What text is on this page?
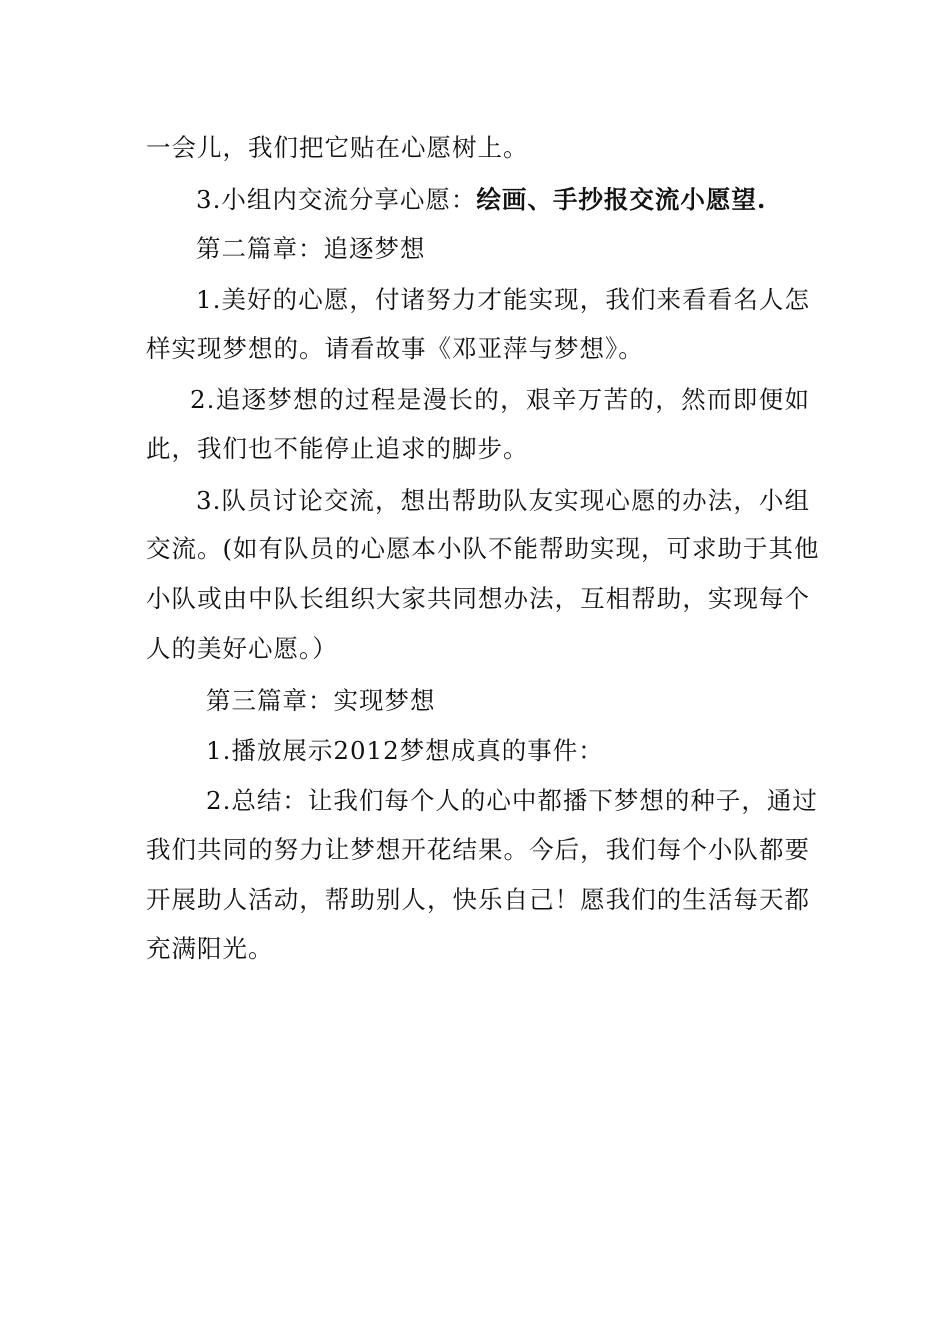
一会儿，我们把它贴在心愿树上。
3.小组内交流分享心愿：绘画、手抄报交流小愿望.
第二篇章：追逐梦想
1.美好的心愿，付诸努力才能实现，我们来看看名人怎
样实现梦想的。请看故事《邓亚萍与梦想》。
2.追逐梦想的过程是漫长的，艰辛万苦的，然而即便如
此，我们也不能停止追求的脚步。
3.队员讨论交流，想出帮助队友实现心愿的办法，小组
交流。(如有队员的心愿本小队不能帮助实现，可求助于其他
小队或由中队长组织大家共同想办法，互相帮助，实现每个
人的美好心愿。）
第三篇章：实现梦想
1.播放展示2012梦想成真的事件：
2.总结：让我们每个人的心中都播下梦想的种子，通过
我们共同的努力让梦想开花结果。今后，我们每个小队都要
开展助人活动，帮助别人，快乐自己！愿我们的生活每天都
充满阳光。
